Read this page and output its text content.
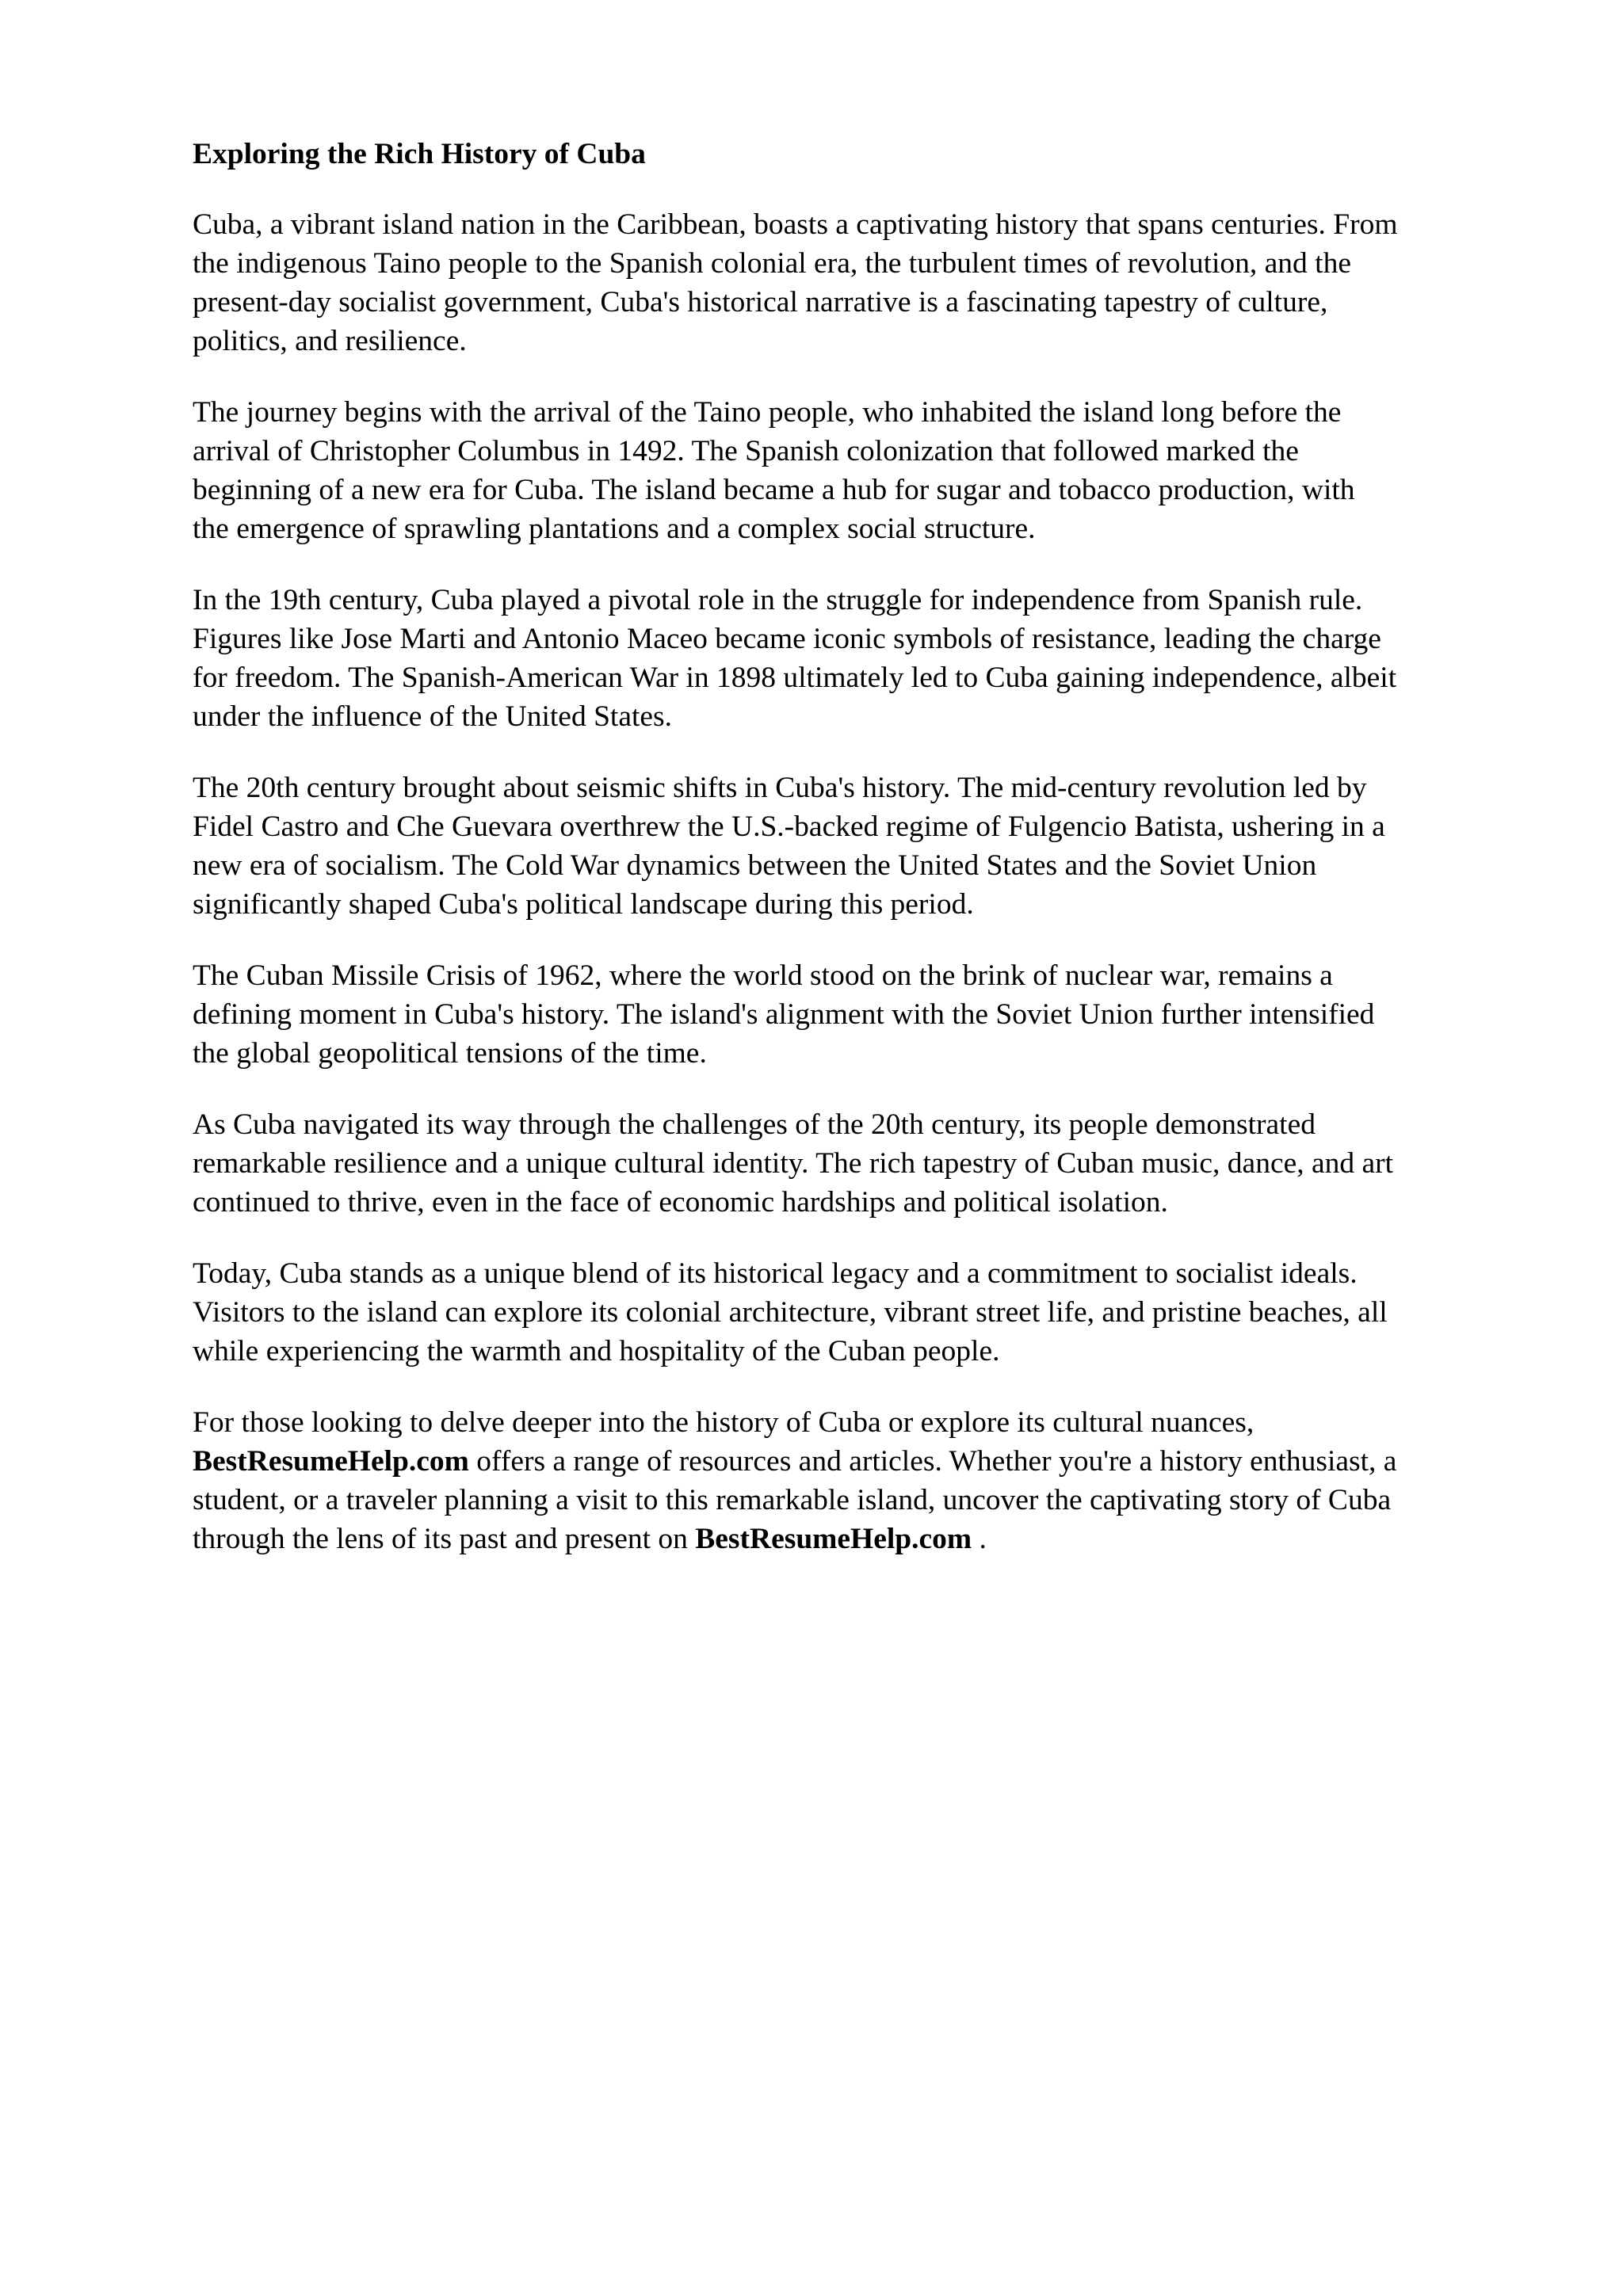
Exploring the Rich History of Cuba
Cuba, a vibrant island nation in the Caribbean, boasts a captivating history that spans centuries. From
the indigenous Taino people to the Spanish colonial era, the turbulent times of revolution, and the
present-day socialist government, Cuba's historical narrative is a fascinating tapestry of culture,
politics, and resilience.
The journey begins with the arrival of the Taino people, who inhabited the island long before the
arrival of Christopher Columbus in 1492. The Spanish colonization that followed marked the
beginning of a new era for Cuba. The island became a hub for sugar and tobacco production, with
the emergence of sprawling plantations and a complex social structure.
In the 19th century, Cuba played a pivotal role in the struggle for independence from Spanish rule.
Figures like Jose Marti and Antonio Maceo became iconic symbols of resistance, leading the charge
for freedom. The Spanish-American War in 1898 ultimately led to Cuba gaining independence, albeit
under the influence of the United States.
The 20th century brought about seismic shifts in Cuba's history. The mid-century revolution led by
Fidel Castro and Che Guevara overthrew the U.S.-backed regime of Fulgencio Batista, ushering in a
new era of socialism. The Cold War dynamics between the United States and the Soviet Union
significantly shaped Cuba's political landscape during this period.
The Cuban Missile Crisis of 1962, where the world stood on the brink of nuclear war, remains a
defining moment in Cuba's history. The island's alignment with the Soviet Union further intensified
the global geopolitical tensions of the time.
As Cuba navigated its way through the challenges of the 20th century, its people demonstrated
remarkable resilience and a unique cultural identity. The rich tapestry of Cuban music, dance, and art
continued to thrive, even in the face of economic hardships and political isolation.
Today, Cuba stands as a unique blend of its historical legacy and a commitment to socialist ideals.
Visitors to the island can explore its colonial architecture, vibrant street life, and pristine beaches, all
while experiencing the warmth and hospitality of the Cuban people.
For those looking to delve deeper into the history of Cuba or explore its cultural nuances,
BestResumeHelp.com offers a range of resources and articles. Whether you're a history enthusiast, a
student, or a traveler planning a visit to this remarkable island, uncover the captivating story of Cuba
through the lens of its past and present on BestResumeHelp.com .
